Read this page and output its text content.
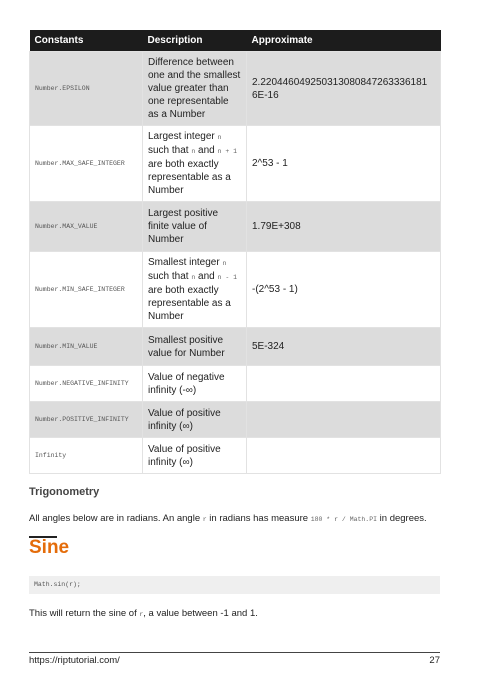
Constants	Description	Approximate
Number.EPSILON	Difference between one and the smallest value greater than one representable as a Number	2.220446049250313080847263336181 6E-16
Number.MAX_SAFE_INTEGER	Largest integer n such that n and n + 1 are both exactly representable as a Number	2^53 - 1
Number.MAX_VALUE	Largest positive finite value of Number	1.79E+308
Number.MIN_SAFE_INTEGER	Smallest integer n such that n and n - 1 are both exactly representable as a Number	-(2^53 - 1)
Number.MIN_VALUE	Smallest positive value for Number	5E-324
Number.NEGATIVE_INFINITY	Value of negative infinity (-∞)	
Number.POSITIVE_INFINITY	Value of positive infinity (∞)	
Infinity	Value of positive infinity (∞)	
Trigonometry
All angles below are in radians. An angle r in radians has measure 180 * r / Math.PI in degrees.
Sine
Math.sin(r);
This will return the sine of r, a value between -1 and 1.
https://riptutorial.com/	27
